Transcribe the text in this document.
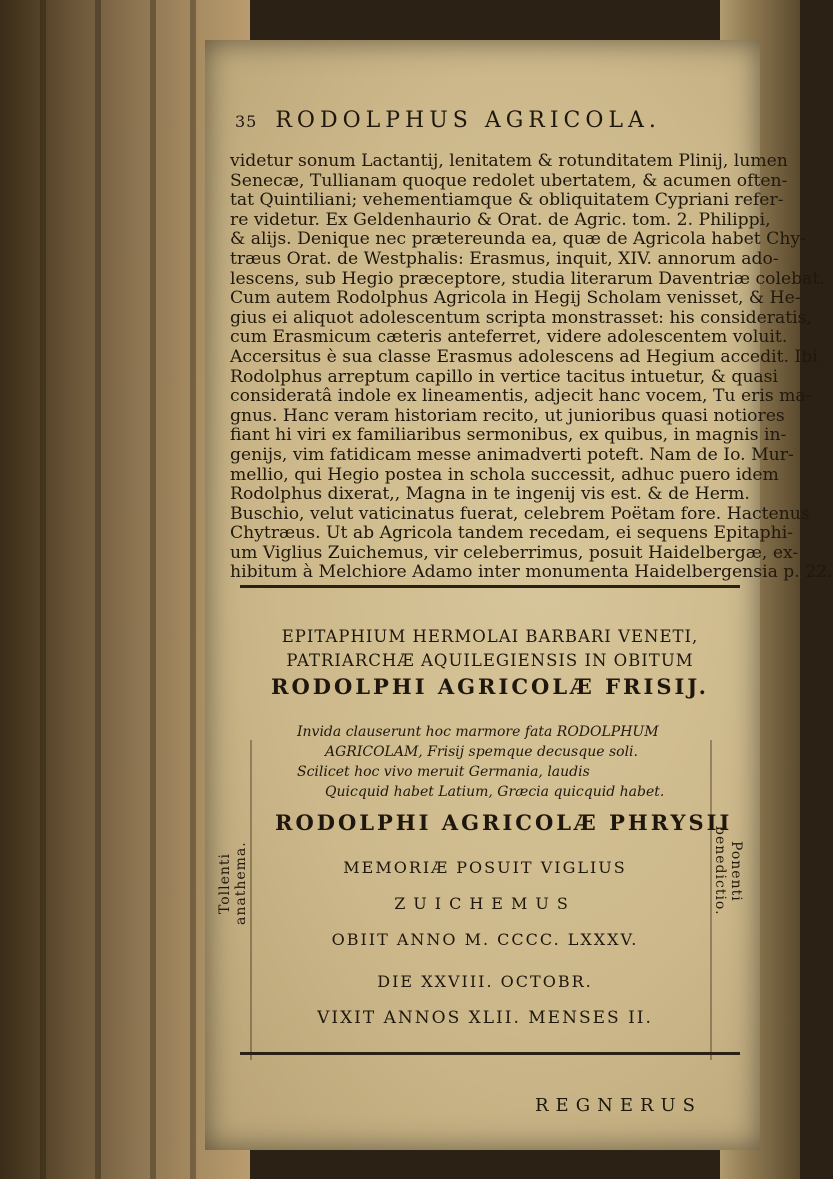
35 RODOLPHUS AGRICOLA.

videtur sonum Lactantij, lenitatem & rotunditatem Plinij, lumen

Senecæ, Tullianam quoque redolet ubertatem, & acumen often-

tat Quintiliani; vehementiamque & obliquitatem Cypriani refer-

re videtur. Ex Geldenhaurio & Orat. de Agric. tom. 2. Philippi,

& alijs. Denique nec prætereunda ea, quæ de Agricola habet Chy-

træus Orat. de Westphalis: Erasmus, inquit, XIV. annorum ado-

lescens, sub Hegio præceptore, studia literarum Daventriæ colebat.

Cum autem Rodolphus Agricola in Hegij Scholam venisset, & He-

gius ei aliquot adolescentum scripta monstrasset: his consideratis,

cum Erasmicum cæteris anteferret, videre adolescentem voluit.

Accersitus è sua classe Erasmus adolescens ad Hegium accedit. Ibi

Rodolphus arreptum capillo in vertice tacitus intuetur, & quasi

consideratâ indole ex lineamentis, adjecit hanc vocem, Tu eris ma-

gnus. Hanc veram historiam recito, ut junioribus quasi notiores

fiant hi viri ex familiaribus sermonibus, ex quibus, in magnis in-

genijs, vim fatidicam messe animadverti poteft. Nam de Io. Mur-

mellio, qui Hegio postea in schola successit, adhuc puero idem

Rodolphus dixerat,, Magna in te ingenij vis est. & de Herm.

Buschio, velut vaticinatus fuerat, celebrem Poëtam fore. Hactenus

Chytræus. Ut ab Agricola tandem recedam, ei sequens Epitaphi-

um Viglius Zuichemus, vir celeberrimus, posuit Haidelbergæ, ex-

hibitum à Melchiore Adamo inter monumenta Haidelbergensia p. 22.

EPITAPHIUM HERMOLAI BARBARI VENETI,
PATRIARCHÆ AQUILEGIENSIS IN OBITUM
RODOLPHI AGRICOLÆ FRISIJ.
Invida clauserunt hoc marmore fata RODOLPHUM
AGRICOLAM, Frisij spemque decusque soli.
Scilicet hoc vivo meruit Germania, laudis
Quicquid habet Latium, Græcia quicquid habet.
Tollenti anathema.	Ponenti benedictio.
RODOLPHI AGRICOLÆ PHRYSII
MEMORIÆ POSUIT VIGLIUS
ZUICHEMUS
OBIIT ANNO M. CCCC. LXXXV.
DIE XXVIII. OCTOBR.
VIXIT ANNOS XLII. MENSES II.
REGNERUS
